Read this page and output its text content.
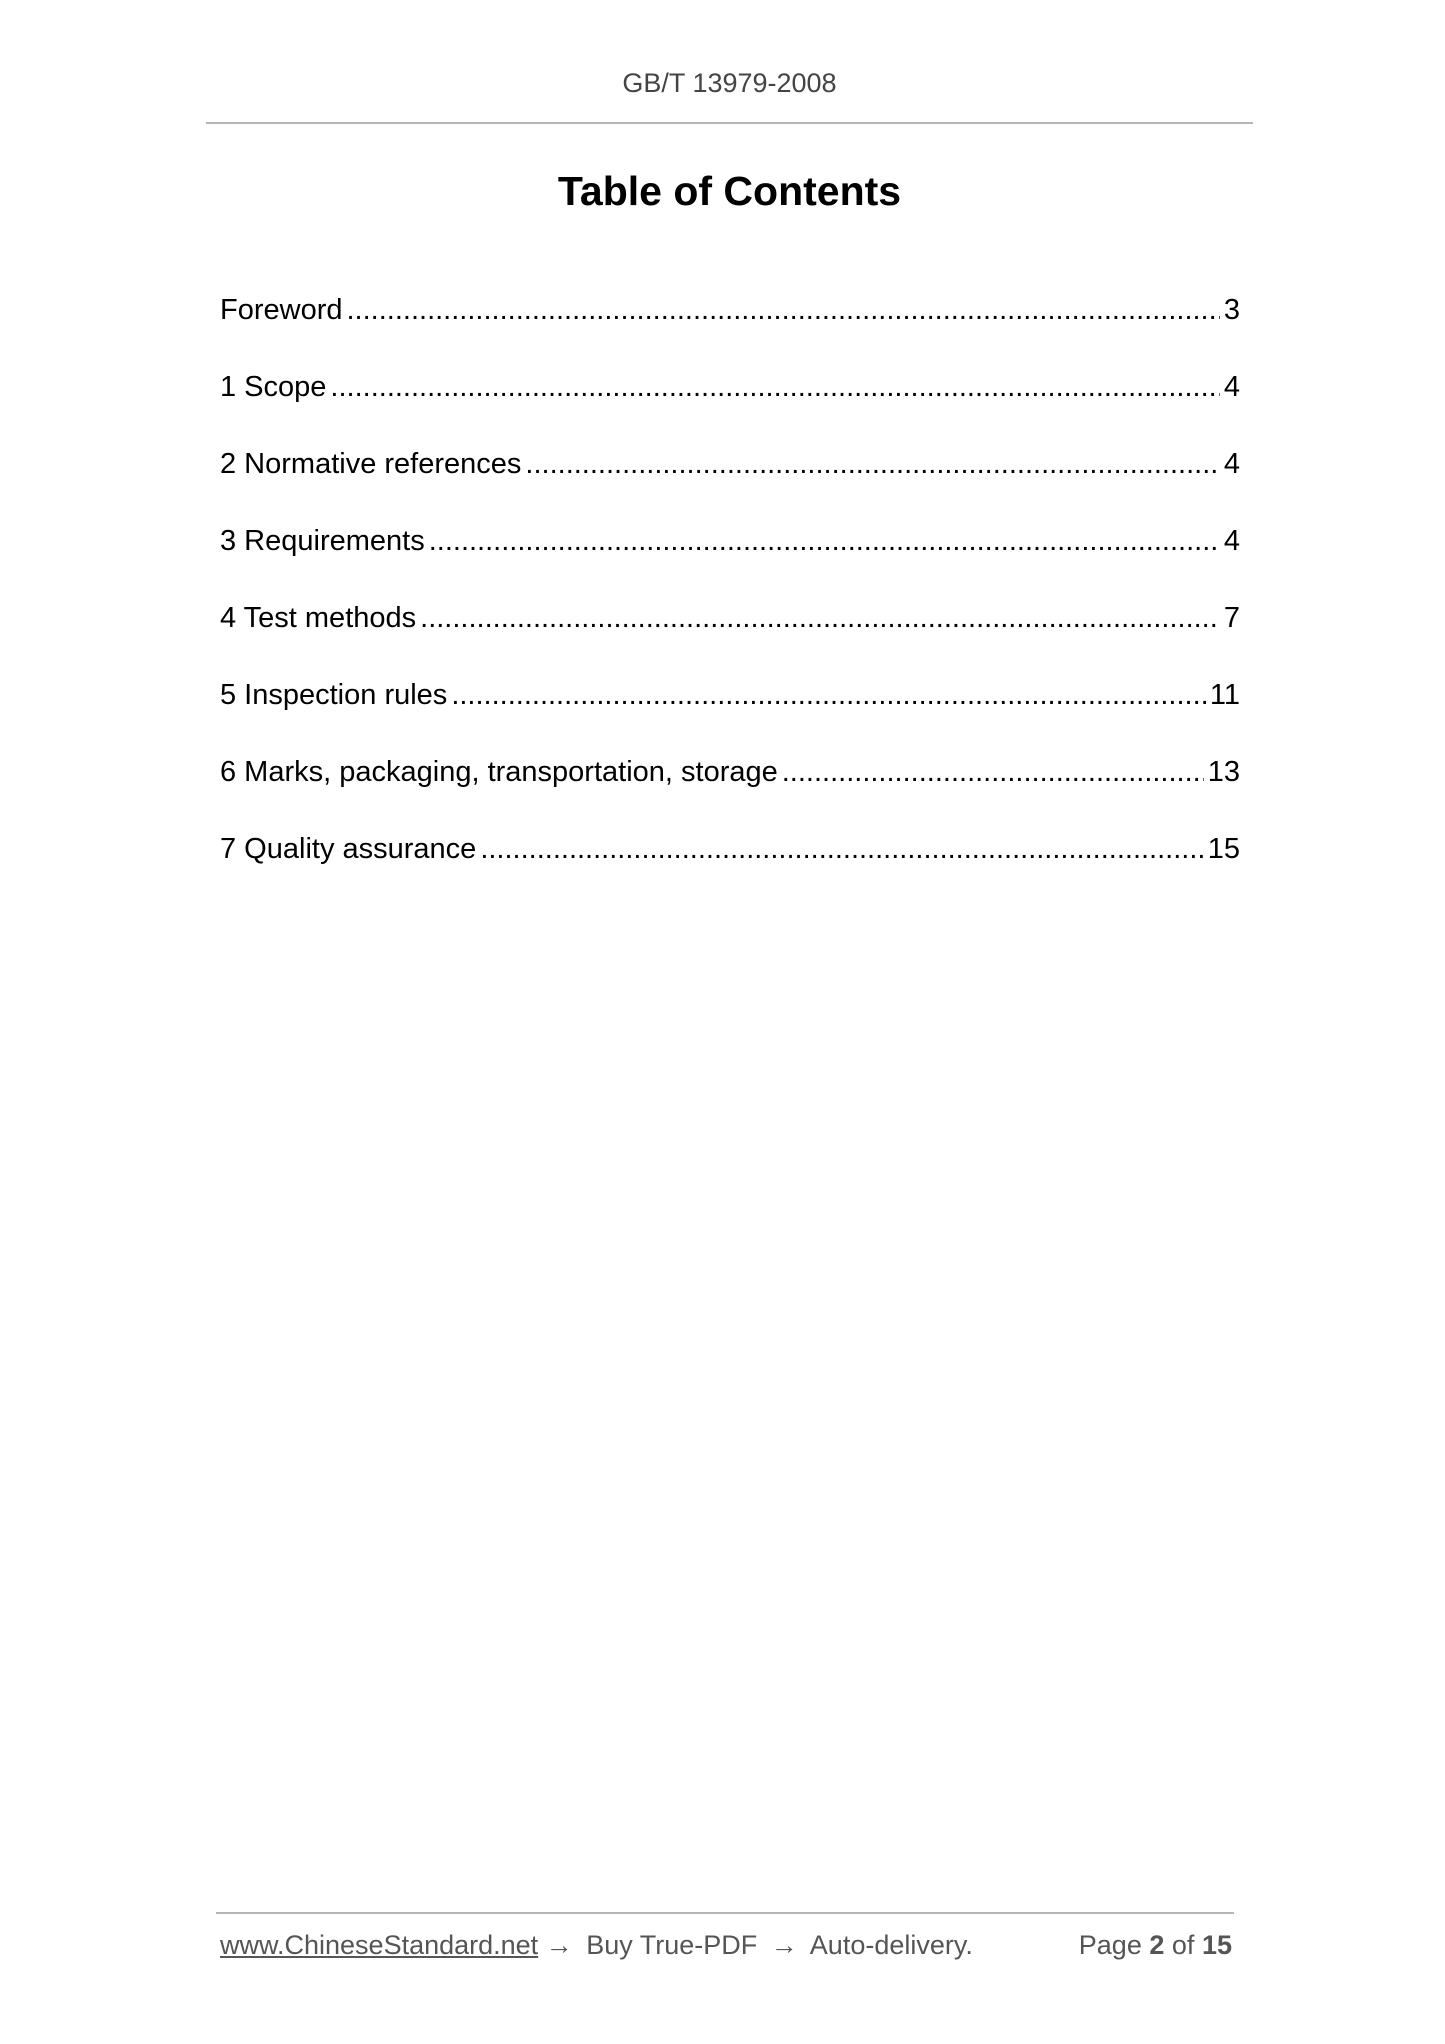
GB/T 13979-2008
Table of Contents
Foreword .....	3
1 Scope .....	4
2 Normative references .....	4
3 Requirements .....	4
4 Test methods .....	7
5 Inspection rules .....	11
6 Marks, packaging, transportation, storage .....	13
7 Quality assurance .....	15
www.ChineseStandard.net → Buy True-PDF → Auto-delivery.	Page 2 of 15
